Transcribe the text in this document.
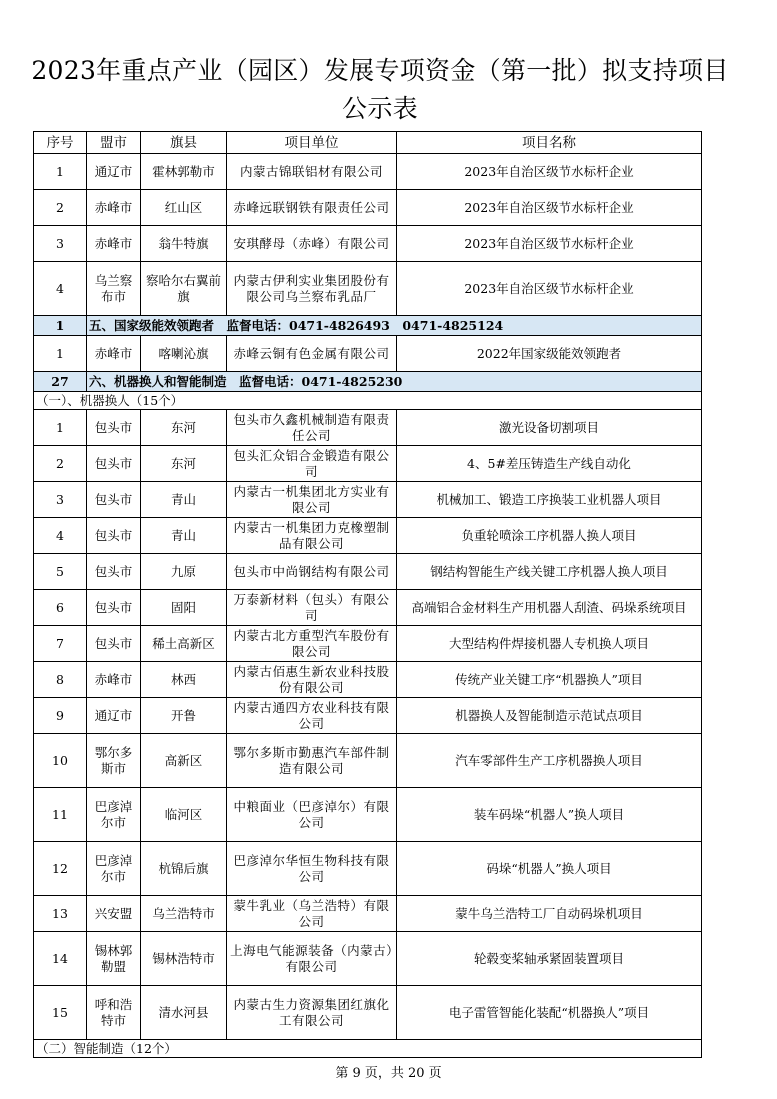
2023年重点产业（园区）发展专项资金（第一批）拟支持项目公示表
序号	盟市	旗县	项目单位	项目名称
1	通辽市	霍林郭勒市	内蒙古锦联铝材有限公司	2023年自治区级节水标杆企业
2	赤峰市	红山区	赤峰远联钢铁有限责任公司	2023年自治区级节水标杆企业
3	赤峰市	翁牛特旗	安琪酵母（赤峰）有限公司	2023年自治区级节水标杆企业
4	乌兰察布市	察哈尔右翼前旗	内蒙古伊利实业集团股份有限公司乌兰察布乳品厂	2023年自治区级节水标杆企业
1	五、国家级能效领跑者　监督电话：0471-4826493　0471-4825124			
1	赤峰市	喀喇沁旗	赤峰云铜有色金属有限公司	2022年国家级能效领跑者
27	六、机器换人和智能制造　监督电话：0471-4825230			
（一）、机器换人（15个）				
1	包头市	东河	包头市久鑫机械制造有限责任公司	激光设备切割项目
2	包头市	东河	包头汇众铝合金锻造有限公司	4、5#差压铸造生产线自动化
3	包头市	青山	内蒙古一机集团北方实业有限公司	机械加工、锻造工序换装工业机器人项目
4	包头市	青山	内蒙古一机集团力克橡塑制品有限公司	负重轮喷涂工序机器人换人项目
5	包头市	九原	包头市中尚钢结构有限公司	钢结构智能生产线关键工序机器人换人项目
6	包头市	固阳	万泰新材料（包头）有限公司	高端铝合金材料生产用机器人刮渣、码垛系统项目
7	包头市	稀土高新区	内蒙古北方重型汽车股份有限公司	大型结构件焊接机器人专机换人项目
8	赤峰市	林西	内蒙古佰惠生新农业科技股份有限公司	传统产业关键工序“机器换人”项目
9	通辽市	开鲁	内蒙古通四方农业科技有限公司	机器换人及智能制造示范试点项目
10	鄂尔多斯市	高新区	鄂尔多斯市勤惠汽车部件制造有限公司	汽车零部件生产工序机器换人项目
11	巴彦淖尔市	临河区	中粮面业（巴彦淖尔）有限公司	装车码垛“机器人”换人项目
12	巴彦淖尔市	杭锦后旗	巴彦淖尔华恒生物科技有限公司	码垛“机器人”换人项目
13	兴安盟	乌兰浩特市	蒙牛乳业（乌兰浩特）有限公司	蒙牛乌兰浩特工厂自动码垛机项目
14	锡林郭勒盟	锡林浩特市	上海电气能源装备（内蒙古）有限公司	轮毂变桨轴承紧固装置项目
15	呼和浩特市	清水河县	内蒙古生力资源集团红旗化工有限公司	电子雷管智能化装配“机器换人”项目
（二）智能制造（12个）				
第 9 页，共 20 页
